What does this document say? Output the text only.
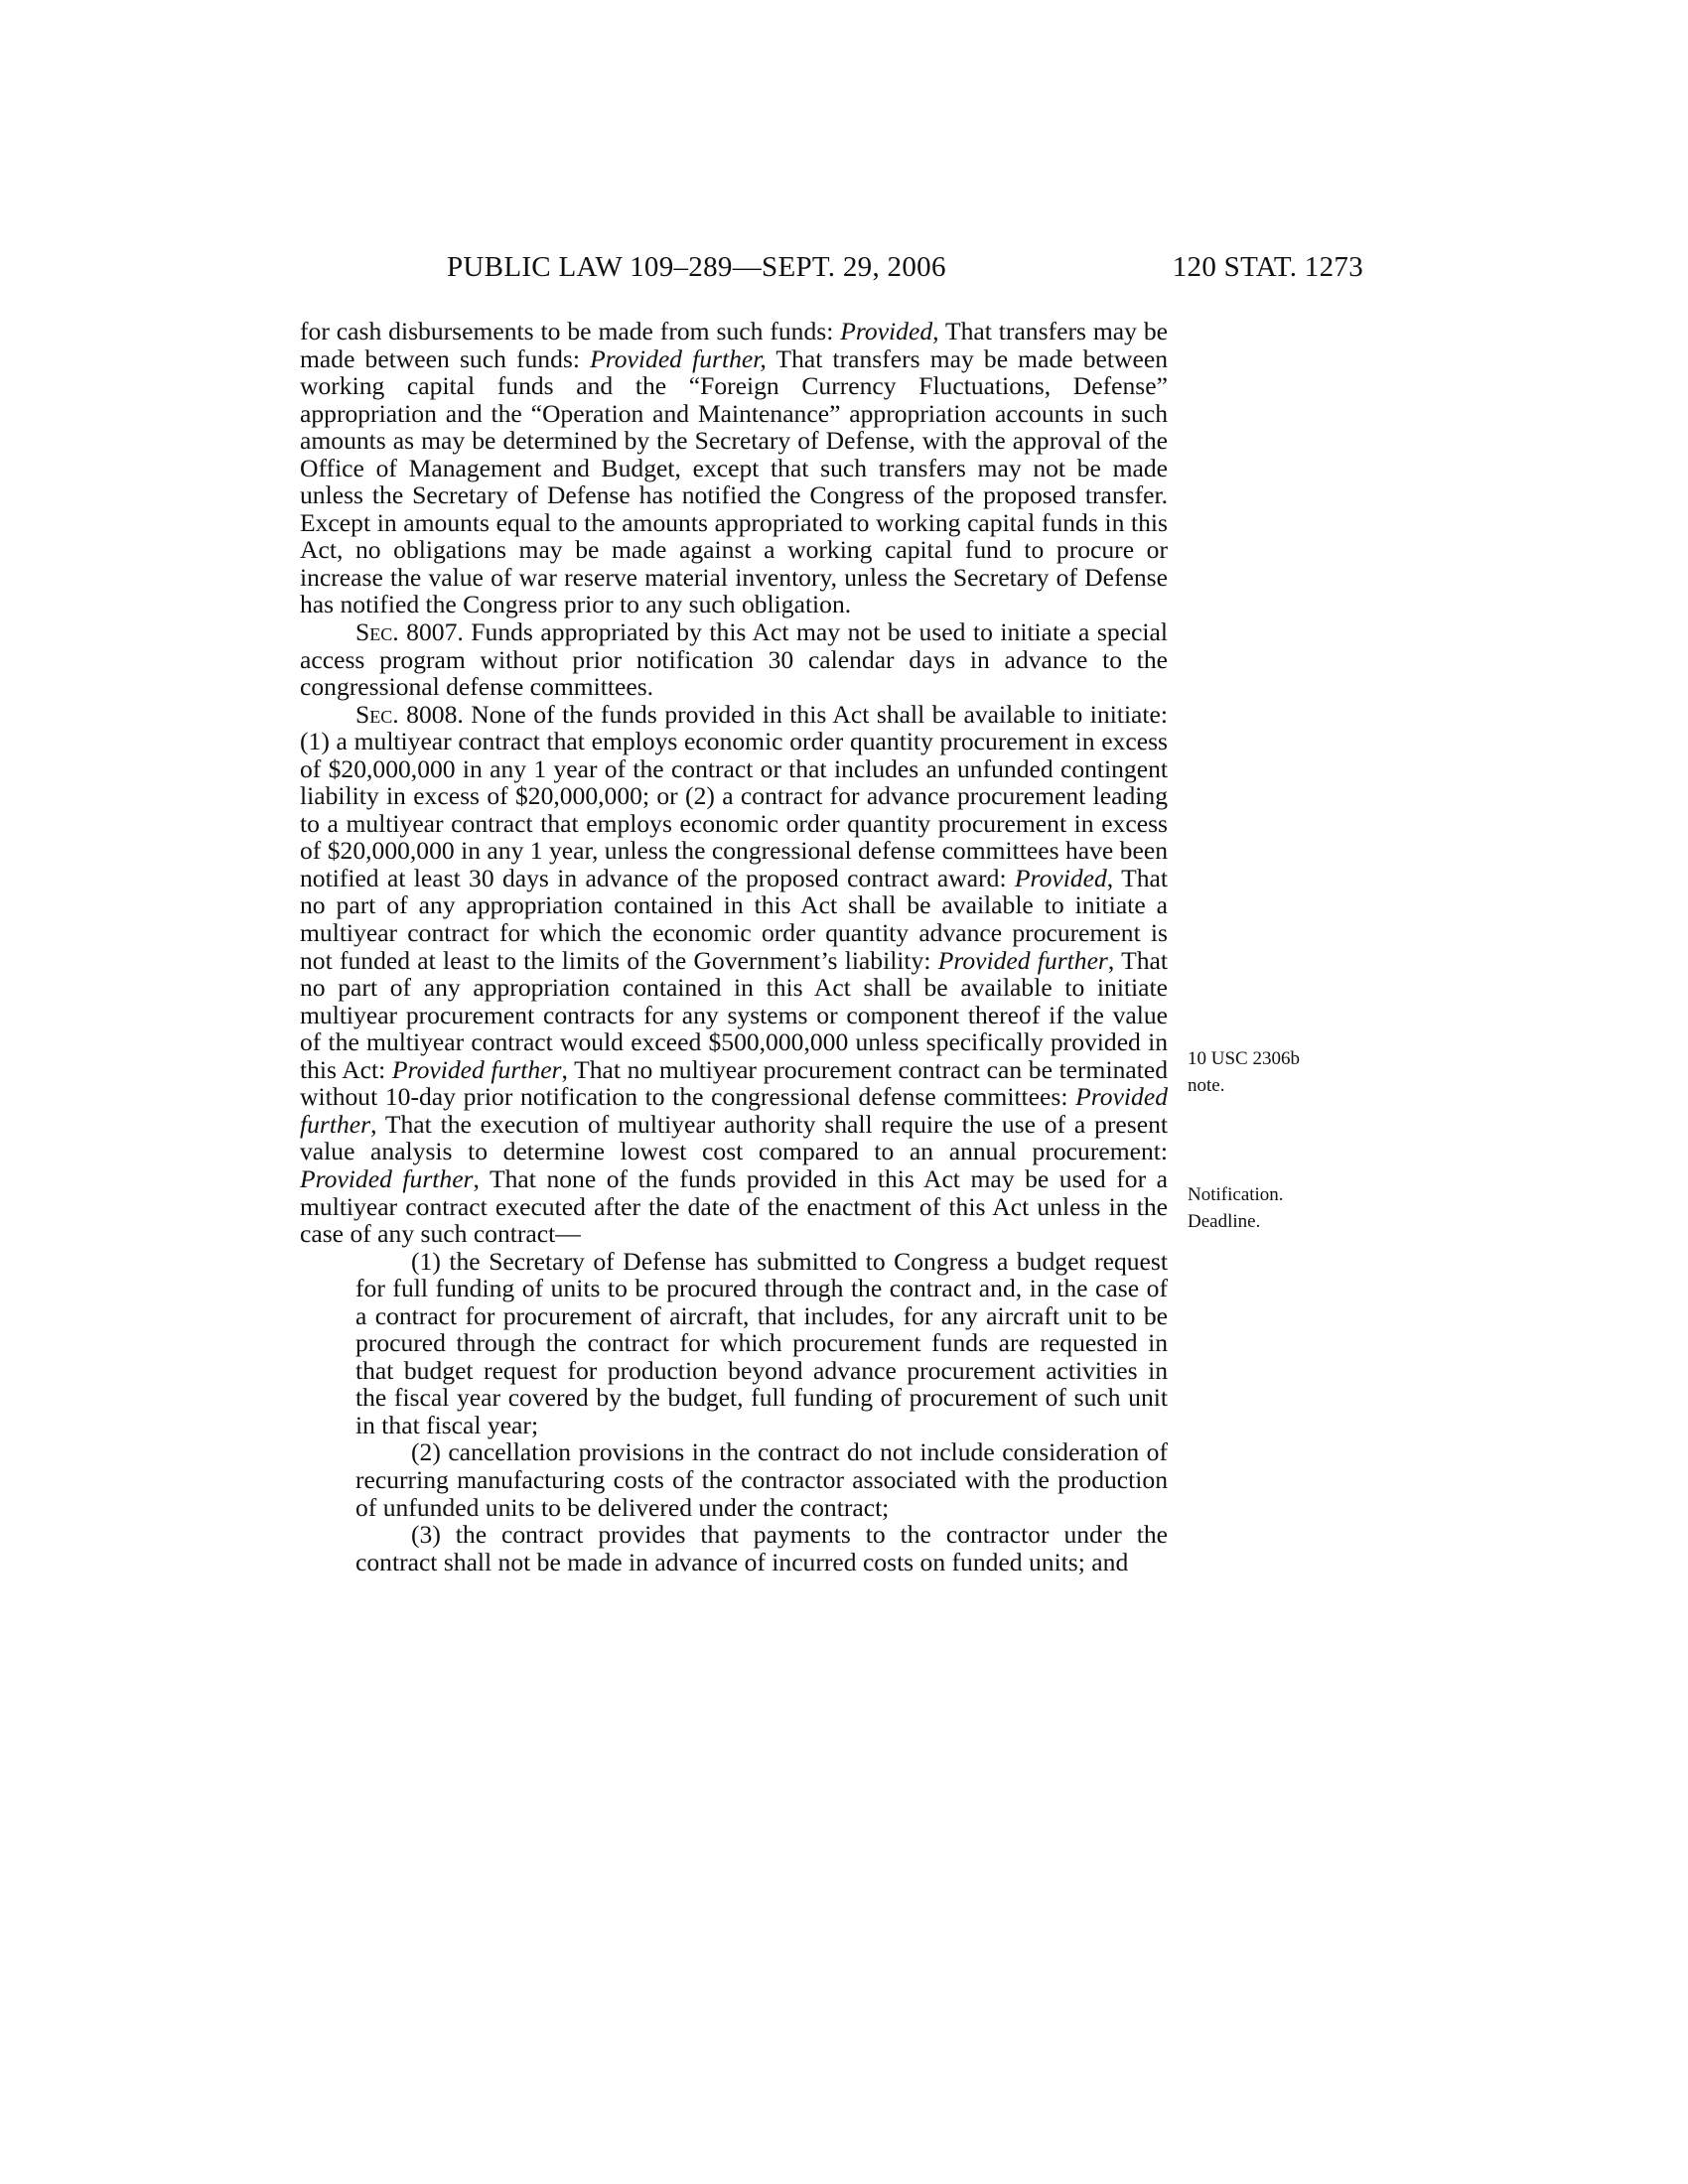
PUBLIC LAW 109–289—SEPT. 29, 2006	120 STAT. 1273
10 USC 2306b
note.
Notification.
Deadline.

for cash disbursements to be made from such funds: Provided, That transfers may be made between such funds: Provided further, That transfers may be made between working capital funds and the “Foreign Currency Fluctuations, Defense” appropriation and the “Operation and Maintenance” appropriation accounts in such amounts as may be determined by the Secretary of Defense, with the approval of the Office of Management and Budget, except that such transfers may not be made unless the Secretary of Defense has notified the Congress of the proposed transfer. Except in amounts equal to the amounts appropriated to working capital funds in this Act, no obligations may be made against a working capital fund to procure or increase the value of war reserve material inventory, unless the Secretary of Defense has notified the Congress prior to any such obligation.

Sec. 8007. Funds appropriated by this Act may not be used to initiate a special access program without prior notification 30 calendar days in advance to the congressional defense committees.

Sec. 8008. None of the funds provided in this Act shall be available to initiate: (1) a multiyear contract that employs economic order quantity procurement in excess of $20,000,000 in any 1 year of the contract or that includes an unfunded contingent liability in excess of $20,000,000; or (2) a contract for advance procurement leading to a multiyear contract that employs economic order quantity procurement in excess of $20,000,000 in any 1 year, unless the congressional defense committees have been notified at least 30 days in advance of the proposed contract award: Provided, That no part of any appropriation contained in this Act shall be available to initiate a multiyear contract for which the economic order quantity advance procurement is not funded at least to the limits of the Government’s liability: Provided further, That no part of any appropriation contained in this Act shall be available to initiate multiyear procurement contracts for any systems or component thereof if the value of the multiyear contract would exceed $500,000,000 unless specifically provided in this Act: Provided further, That no multiyear procurement contract can be terminated without 10-day prior notification to the congressional defense committees: Provided further, That the execution of multiyear authority shall require the use of a present value analysis to determine lowest cost compared to an annual procurement: Provided further, That none of the funds provided in this Act may be used for a multiyear contract executed after the date of the enactment of this Act unless in the case of any such contract—

(1) the Secretary of Defense has submitted to Congress a budget request for full funding of units to be procured through the contract and, in the case of a contract for procurement of aircraft, that includes, for any aircraft unit to be procured through the contract for which procurement funds are requested in that budget request for production beyond advance procurement activities in the fiscal year covered by the budget, full funding of procurement of such unit in that fiscal year;

(2) cancellation provisions in the contract do not include consideration of recurring manufacturing costs of the contractor associated with the production of unfunded units to be delivered under the contract;

(3) the contract provides that payments to the contractor under the contract shall not be made in advance of incurred costs on funded units; and
